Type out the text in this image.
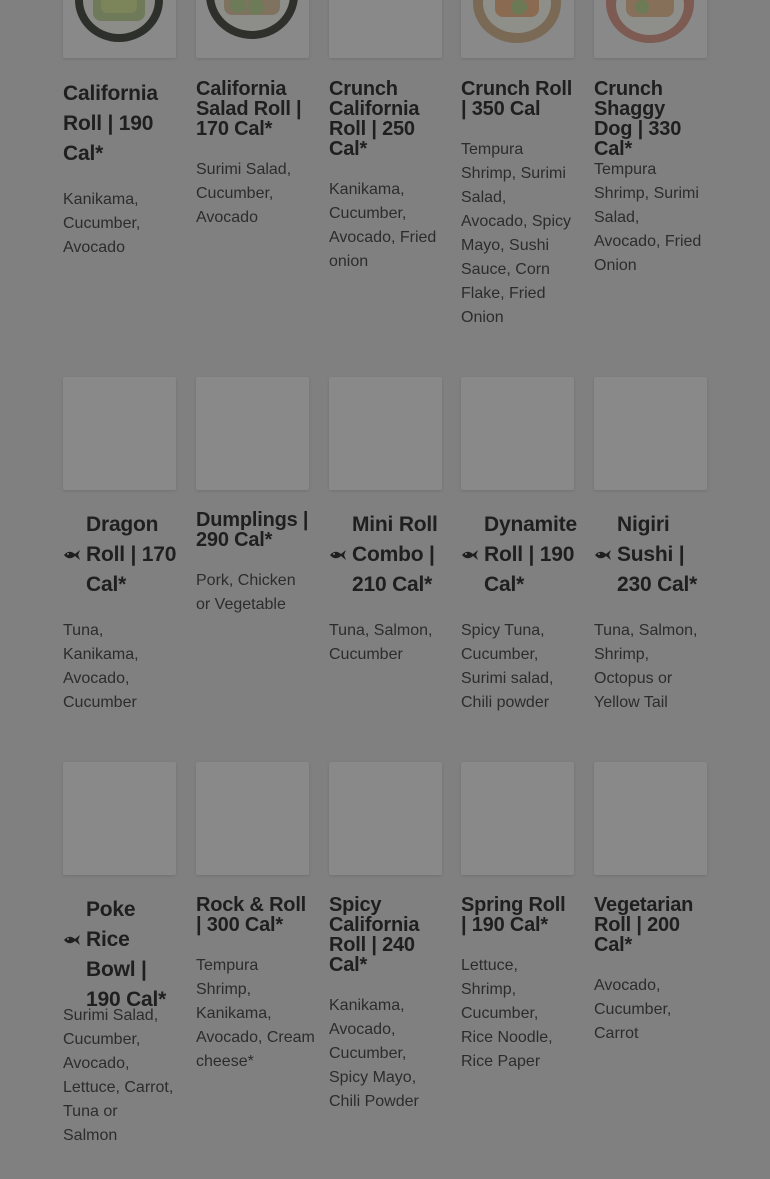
California Roll | 190 Cal*

Kanikama, Cucumber, Avocado

California Salad Roll | 170 Cal*

Surimi Salad, Cucumber, Avocado

Crunch California Roll | 250 Cal*

Kanikama, Cucumber, Avocado, Fried onion

Crunch Roll | 350 Cal

Tempura Shrimp, Surimi Salad, Avocado, Spicy Mayo, Sushi Sauce, Corn Flake, Fried Onion

Crunch Shaggy Dog | 330 Cal*

Tempura Shrimp, Surimi Salad, Avocado, Fried Onion

Dragon Roll | 170 Cal*

Tuna, Kanikama, Avocado, Cucumber

Dumplings | 290 Cal*

Pork, Chicken or Vegetable

Mini Roll Combo | 210 Cal*

Tuna, Salmon, Cucumber

Dynamite Roll | 190 Cal*

Spicy Tuna, Cucumber, Surimi salad, Chili powder

Nigiri Sushi | 230 Cal*

Tuna, Salmon, Shrimp, Octopus or Yellow Tail

Poke Rice Bowl | 190 Cal*

Surimi Salad, Cucumber, Avocado, Lettuce, Carrot, Tuna or Salmon

Rock & Roll | 300 Cal*

Tempura Shrimp, Kanikama, Avocado, Cream cheese*

Spicy California Roll | 240 Cal*

Kanikama, Avocado, Cucumber, Spicy Mayo, Chili Powder

Spring Roll | 190 Cal*

Lettuce, Shrimp, Cucumber, Rice Noodle, Rice Paper

Vegetarian Roll | 200 Cal*

Avocado, Cucumber, Carrot
